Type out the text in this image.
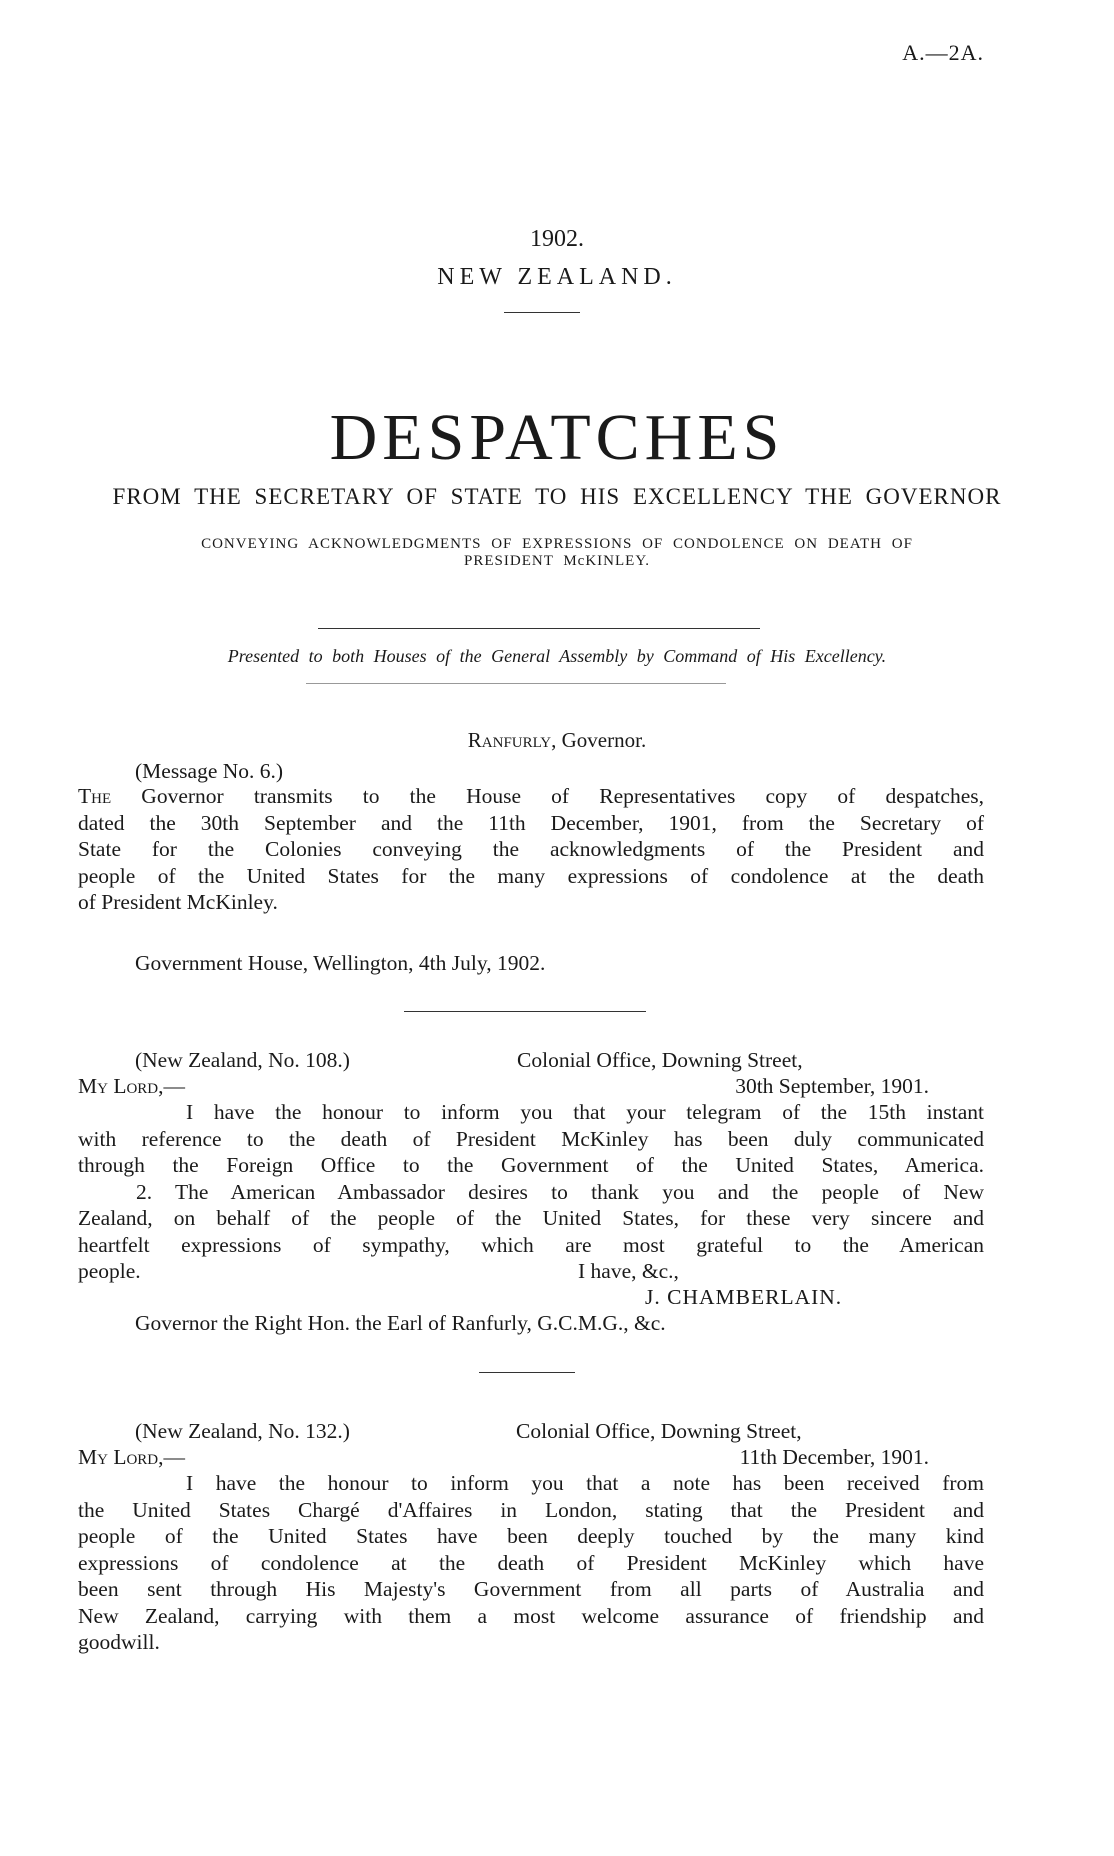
A.—2A.
1902.
NEW ZEALAND.
DESPATCHES
FROM THE SECRETARY OF STATE TO HIS EXCELLENCY THE GOVERNOR
CONVEYING ACKNOWLEDGMENTS OF EXPRESSIONS OF CONDOLENCE ON DEATH OF
PRESIDENT McKINLEY.
Presented to both Houses of the General Assembly by Command of His Excellency.
Ranfurly, Governor.
(Message No. 6.)
The Governor transmits to the House of Representatives copy of despatches,
dated the 30th September and the 11th December, 1901, from the Secretary of
State for the Colonies conveying the acknowledgments of the President and
people of the United States for the many expressions of condolence at the death
of President McKinley.
Government House, Wellington, 4th July, 1902.
(New Zealand, No. 108.)	Colonial Office, Downing Street,
My Lord,—	30th September, 1901.
I have the honour to inform you that your telegram of the 15th instant
with reference to the death of President McKinley has been duly communicated
through the Foreign Office to the Government of the United States, America.
2. The American Ambassador desires to thank you and the people of New
Zealand, on behalf of the people of the United States, for these very sincere and
heartfelt expressions of sympathy, which are most grateful to the American
people.	I have, &c.,
J. CHAMBERLAIN.
Governor the Right Hon. the Earl of Ranfurly, G.C.M.G., &c.
(New Zealand, No. 132.)	Colonial Office, Downing Street,
My Lord,—	11th December, 1901.
I have the honour to inform you that a note has been received from
the United States Chargé d'Affaires in London, stating that the President and
people of the United States have been deeply touched by the many kind
expressions of condolence at the death of President McKinley which have
been sent through His Majesty's Government from all parts of Australia and
New Zealand, carrying with them a most welcome assurance of friendship and
goodwill.
